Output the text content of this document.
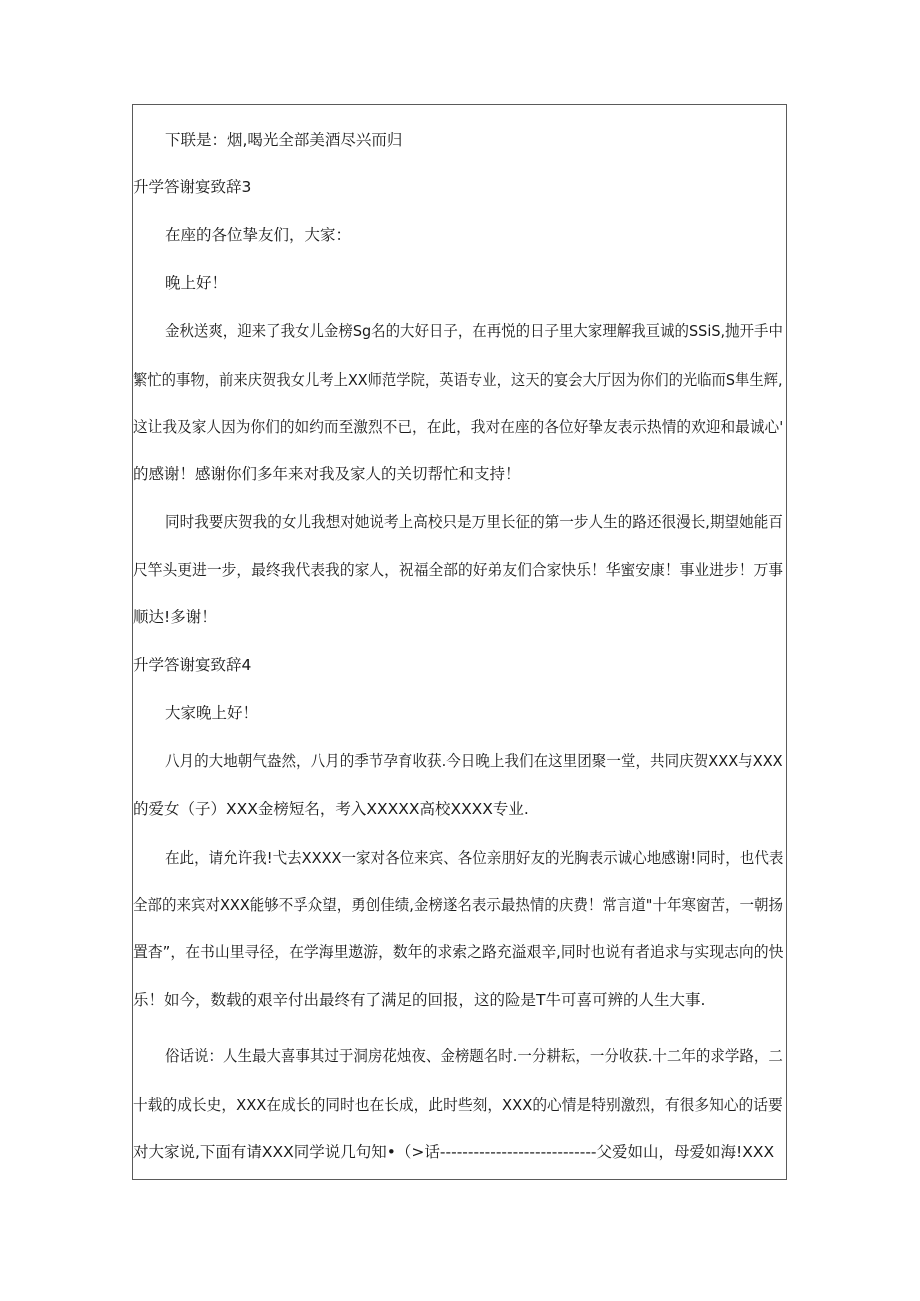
下联是：烟,喝光全部美酒尽兴而归
升学答谢宴致辞3
在座的各位挚友们，大家：
晚上好！
金秋送爽，迎来了我女儿金榜Sg名的大好日子，在再悦的日子里大家理解我亘诚的SSiS,抛开手中
繁忙的事物，前来庆贺我女儿考上XX师范学院，英语专业，这天的宴会大厅因为你们的光临而S隼生辉,
这让我及家人因为你们的如约而至激烈不已，在此，我对在座的各位好挚友表示热情的欢迎和最诚心'
的感谢！感谢你们多年来对我及家人的关切帮忙和支持！
同时我要庆贺我的女儿我想对她说考上高校只是万里长征的第一步人生的路还很漫长,期望她能百
尺竿头更进一步，最终我代表我的家人，祝福全部的好弟友们合家快乐！华蜜安康！事业进步！万事
顺达!多谢！
升学答谢宴致辞4
大家晚上好！
八月的大地朝气盎然，八月的季节孕育收获.今日晚上我们在这里团聚一堂，共同庆贺XXX与XXX
的爱女（子）XXX金榜短名，考入XXXXX高校XXXX专业.
在此，请允许我!弋去XXXX一家对各位来宾、各位亲朋好友的光胸表示诚心地感谢!同时，也代表
全部的来宾对XXX能够不孚众望，勇创佳绩,金榜遂名表示最热情的庆费！常言道"十年寒窗苦，一朝扬
置杳”，在书山里寻径，在学海里遨游，数年的求索之路充溢艰辛,同时也说有者追求与实现志向的快
乐！如今，数载的艰辛付出最终有了满足的回报，这的险是T牛可喜可辨的人生大事.
俗话说：人生最大喜事其过于洞房花烛夜、金榜题名时.一分耕耘，一分收获.十二年的求学路，二
十载的成长史，XXX在成长的同时也在长成，此时些刻，XXX的心情是特别激烈，有很多知心的话要
对大家说,下面有请XXX同学说几句知•（>话----------------------------父爱如山，母爱如海!XXX
